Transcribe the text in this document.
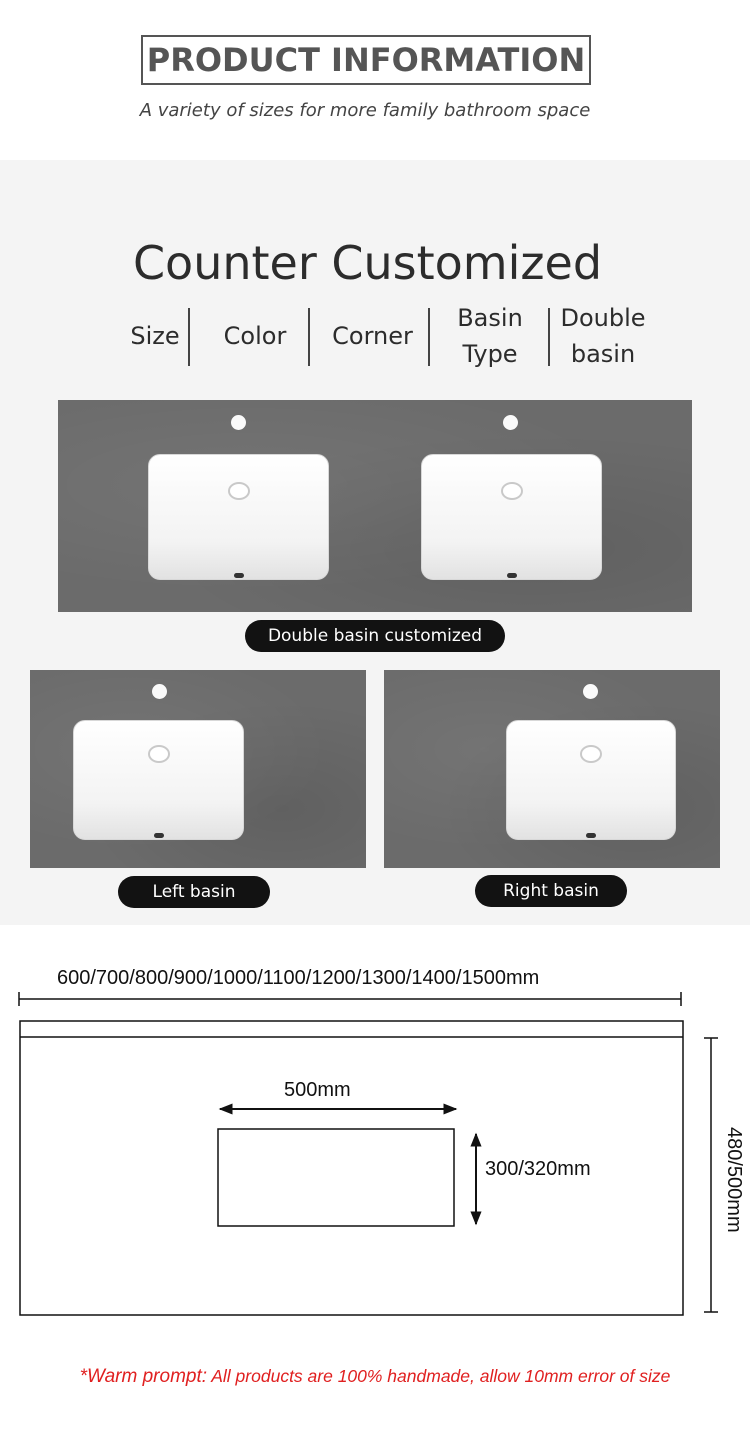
PRODUCT INFORMATION
A variety of sizes for more family bathroom space
Counter Customized
Size	Color	Corner
Basin
Type
Double
basin
Double basin customized
Left basin	Right basin
600/700/800/900/1000/1100/1200/1300/1400/1500mm
500mm
300/320mm	480/500mm
*Warm prompt: All products are 100% handmade, allow 10mm error of size
